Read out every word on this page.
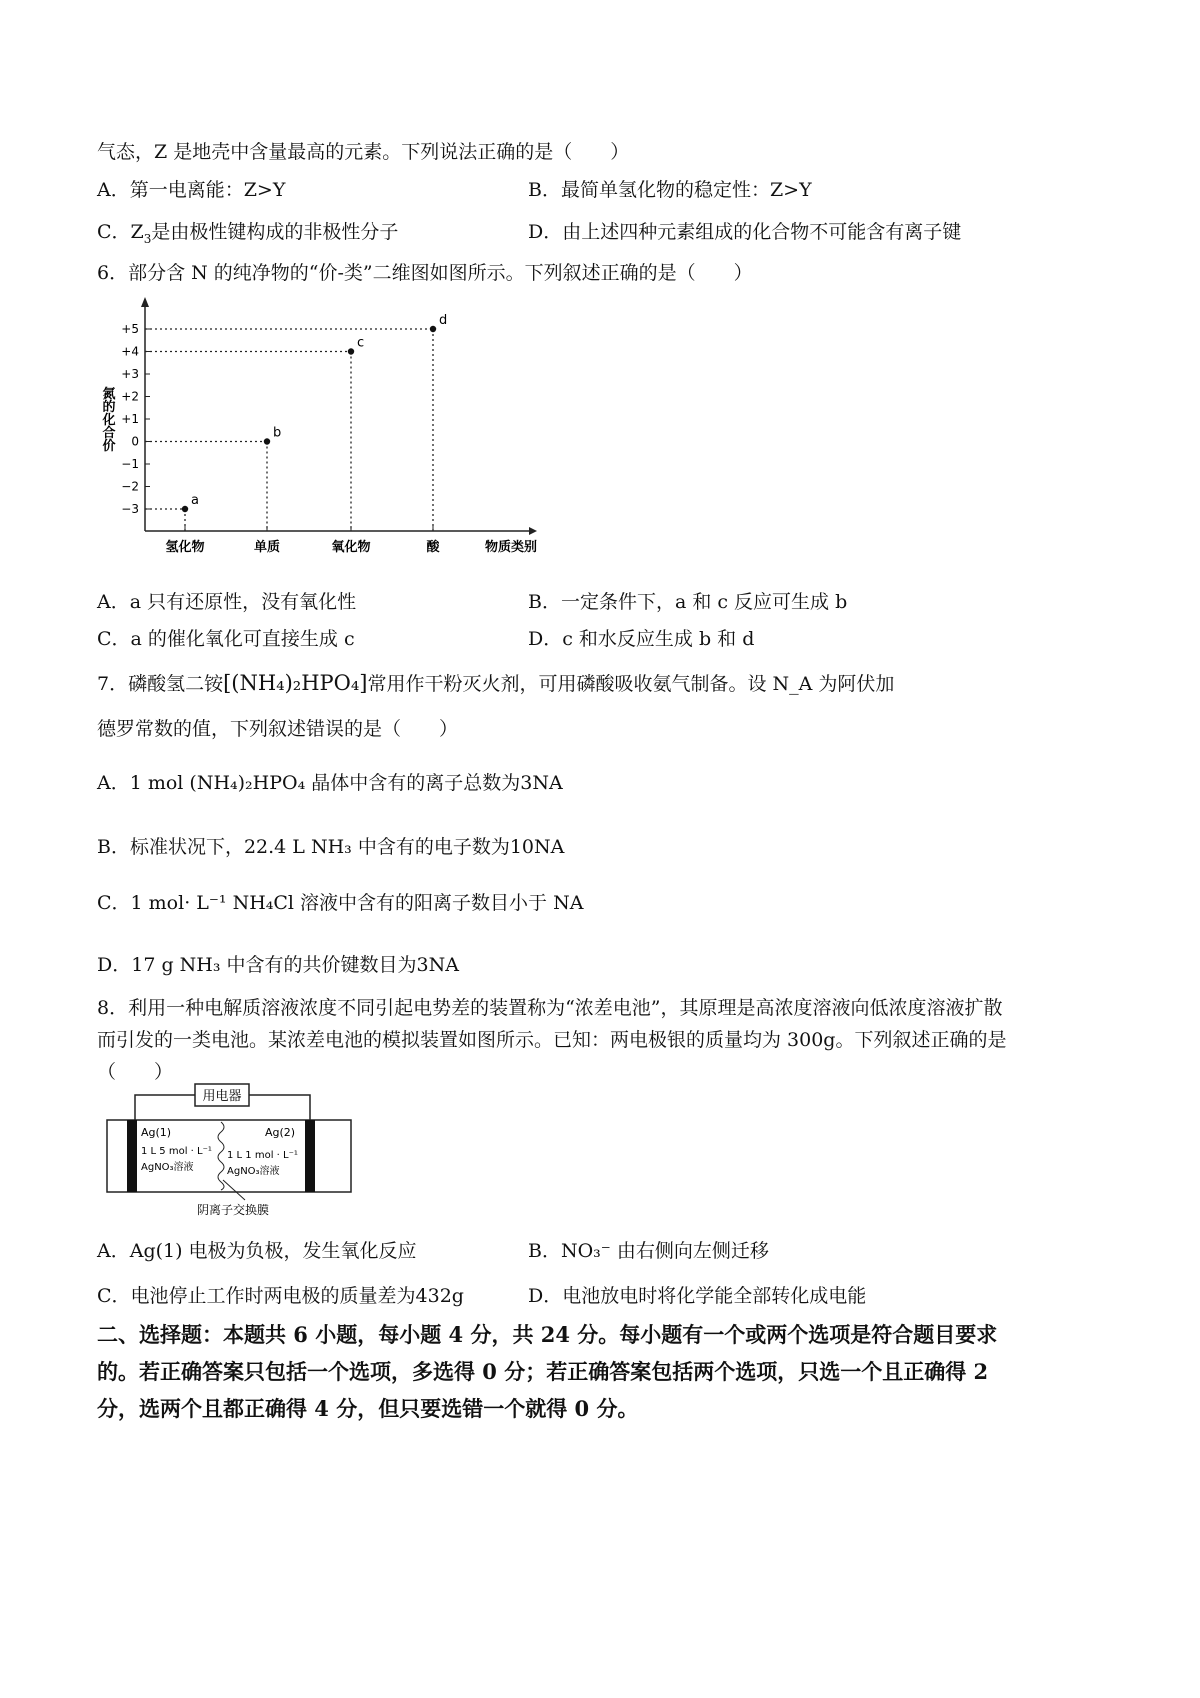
气态，Z 是地壳中含量最高的元素。下列说法正确的是（　　）
A．第一电离能：Z>Y	B．最简单氢化物的稳定性：Z>Y
C．$Z_3$是由极性键构成的非极性分子	D．由上述四种元素组成的化合物不可能含有离子键
6．部分含 N 的纯净物的“价-类”二维图如图所示。下列叙述正确的是（　　）
+5
+4
+3
+2
+1
0
−1
−2
−3
氮的化合价
氢化物	单质	氧化物	酸	物质类别
a
b
c
d
A．a 只有还原性，没有氧化性	B．一定条件下，a 和 c 反应可生成 b
C．a 的催化氧化可直接生成 c	D．c 和水反应生成 b 和 d
7．磷酸氢二铵[(NH₄)₂HPO₄]常用作干粉灭火剂，可用磷酸吸收氨气制备。设 N_A 为阿伏加
德罗常数的值，下列叙述错误的是（　　）
A．1 mol (NH₄)₂HPO₄ 晶体中含有的离子总数为3NA
B．标准状况下，22.4 L NH₃ 中含有的电子数为10NA
C．1 mol· L⁻¹ NH₄Cl 溶液中含有的阳离子数目小于 NA
D．17 g NH₃ 中含有的共价键数目为3NA
8．利用一种电解质溶液浓度不同引起电势差的装置称为“浓差电池”，其原理是高浓度溶液向低浓度溶液扩散
而引发的一类电池。某浓差电池的模拟装置如图所示。已知：两电极银的质量均为 300g。下列叙述正确的是
（　　）
用电器
Ag(1)
1 L 5 mol · L⁻¹
AgNO₃溶液
Ag(2)
1 L 1 mol · L⁻¹
AgNO₃溶液
阴离子交换膜
A．Ag(1) 电极为负极，发生氧化反应	B．NO₃⁻ 由右侧向左侧迁移
C．电池停止工作时两电极的质量差为432g	D．电池放电时将化学能全部转化成电能
二、选择题：本题共 6 小题，每小题 4 分，共 24 分。每小题有一个或两个选项是符合题目要求
的。若正确答案只包括一个选项，多选得 0 分；若正确答案包括两个选项，只选一个且正确得 2
分，选两个且都正确得 4 分，但只要选错一个就得 0 分。
